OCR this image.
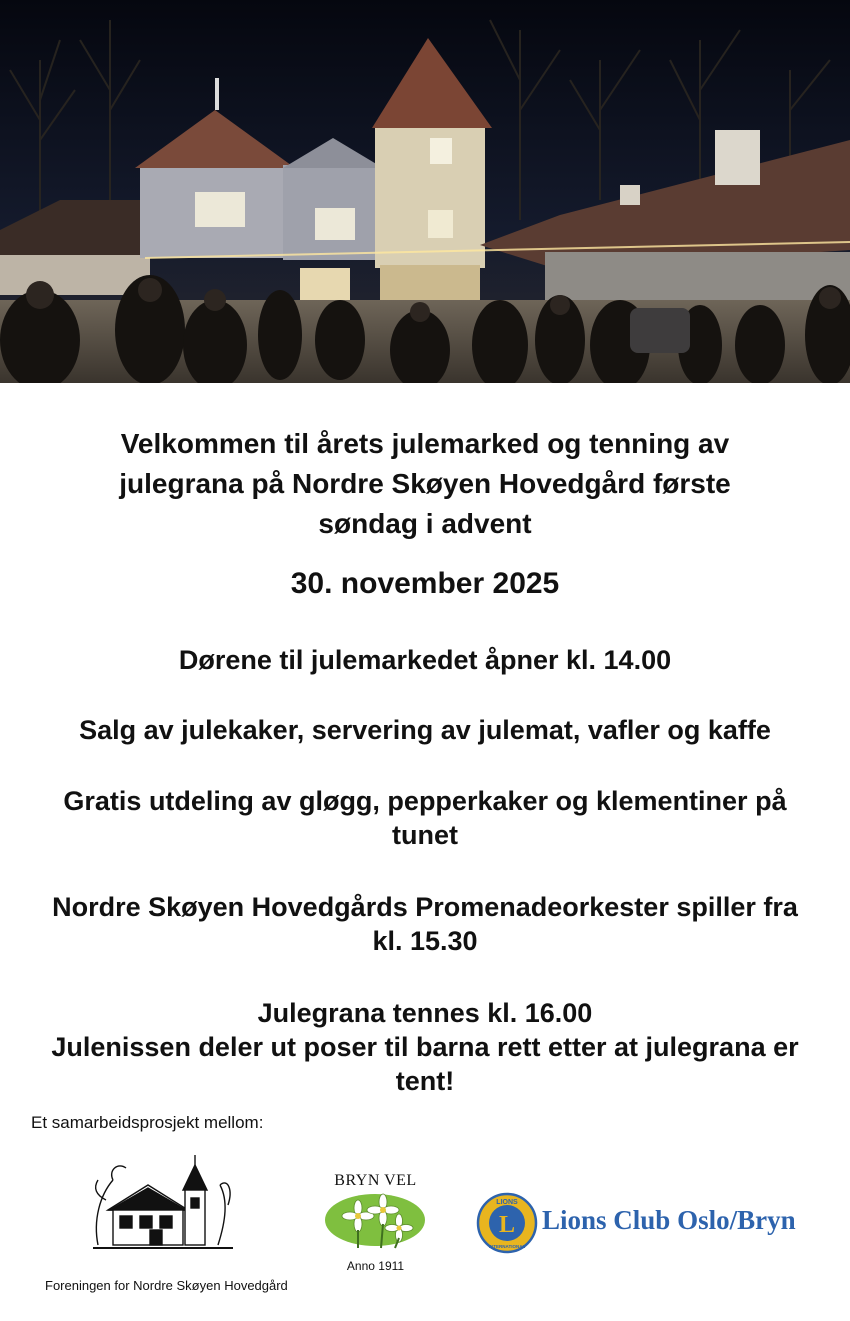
Velkommen til årets julemarked og tenning av
julegrana på Nordre Skøyen Hovedgård første
søndag i advent
30. november 2025
Dørene til julemarkedet åpner kl. 14.00
Salg av julekaker, servering av julemat, vafler og kaffe
Gratis utdeling av gløgg, pepperkaker og klementiner på
tunet
Nordre Skøyen Hovedgårds Promenadeorkester spiller fra
kl. 15.30
Julegrana tennes kl. 16.00
Julenissen deler ut poser til barna rett etter at julegrana er
tent!
Et samarbeidsprosjekt mellom:
Foreningen for Nordre Skøyen Hovedgård
BRYN VEL
Anno 1911
L
LIONS
INTERNATIONAL
Lions Club Oslo/Bryn
